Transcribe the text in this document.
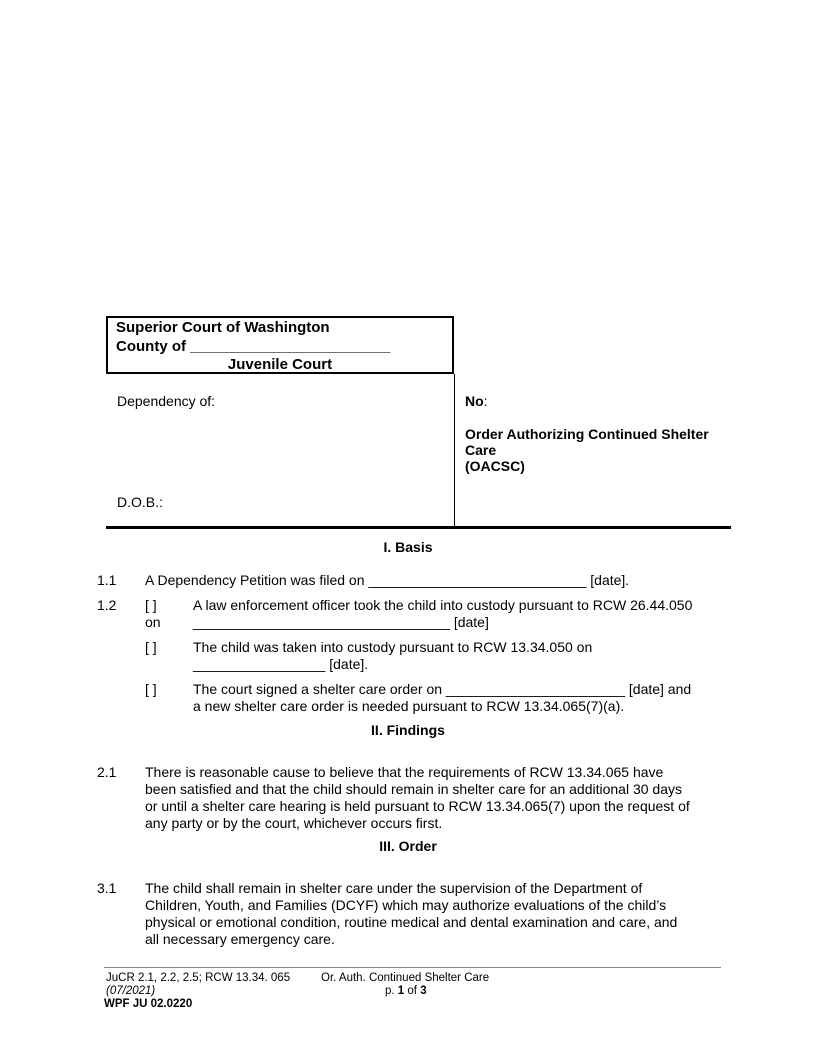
Superior Court of Washington
County of ________________________
Juvenile Court
Dependency of:
D.O.B.:
No:
Order Authorizing Continued Shelter
Care
(OACSC)
I. Basis
1.1 A Dependency Petition was filed on ____________________________ [date].
1.2 [ ]	A law enforcement officer took the child into custody pursuant to RCW 26.44.050
on _________________________________ [date]
[ ]	The child was taken into custody pursuant to RCW 13.34.050 on
_________________ [date].
[ ]	The court signed a shelter care order on _______________________ [date] and
a new shelter care order is needed pursuant to RCW 13.34.065(7)(a).
II. Findings
2.1 There is reasonable cause to believe that the requirements of RCW 13.34.065 have
been satisfied and that the child should remain in shelter care for an additional 30 days
or until a shelter care hearing is held pursuant to RCW 13.34.065(7) upon the request of
any party or by the court, whichever occurs first.
III. Order
3.1 The child shall remain in shelter care under the supervision of the Department of
Children, Youth, and Families (DCYF) which may authorize evaluations of the child’s
physical or emotional condition, routine medical and dental examination and care, and
all necessary emergency care.
JuCR 2.1, 2.2, 2.5; RCW 13.34. 065
(07/2021)
WPF JU 02.0220
Or. Auth. Continued Shelter Care
p. 1 of 3
